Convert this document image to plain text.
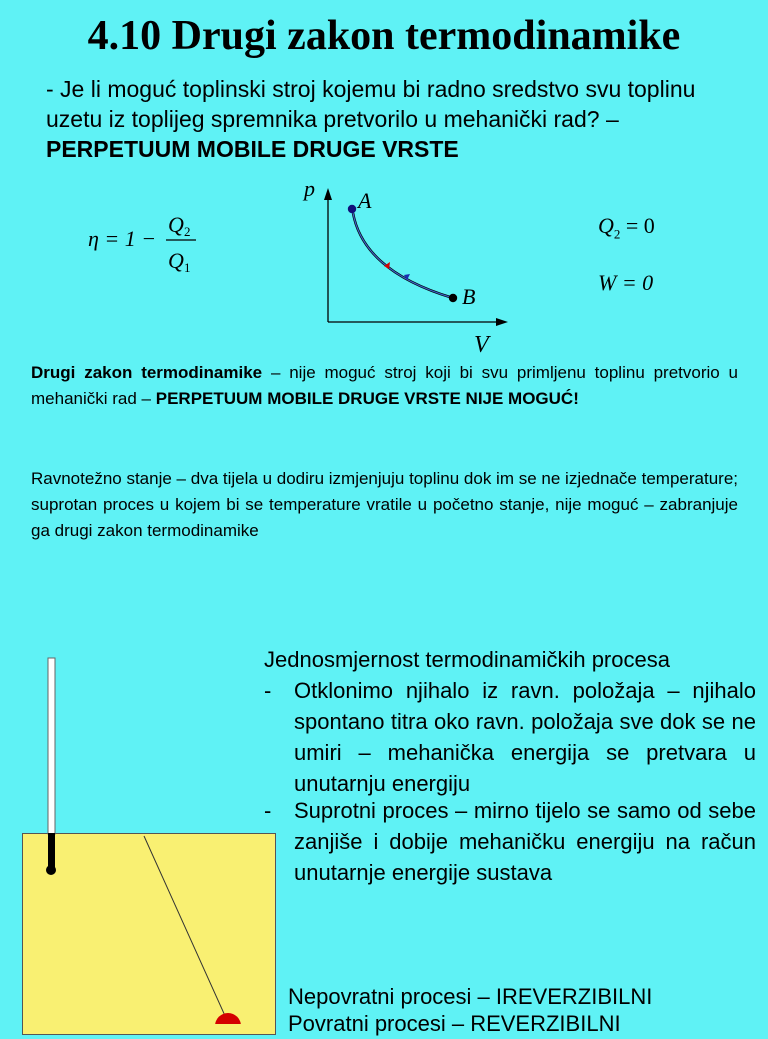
4.10 Drugi zakon termodinamike
- Je li moguć toplinski stroj kojemu bi radno sredstvo svu toplinu uzetu iz toplijeg spremnika pretvorilo u mehanički rad? – PERPETUUM MOBILE DRUGE VRSTE
η = 1 −
Q 2
Q 1
p
V
A
B
$Q_2 = 0$
W = 0
Drugi zakon termodinamike – nije moguć stroj koji bi svu primljenu toplinu pretvorio u mehanički rad – PERPETUUM MOBILE DRUGE VRSTE NIJE MOGUĆ!
Ravnotežno stanje – dva tijela u dodiru izmjenjuju toplinu dok im se ne izjednače temperature; suprotan proces u kojem bi se temperature vratile u početno stanje, nije moguć – zabranjuje ga drugi zakon termodinamike
Jednosmjernost termodinamičkih procesa
-	Otklonimo njihalo iz ravn. položaja – njihalo spontano titra oko ravn. položaja sve dok se ne umiri – mehanička energija se pretvara u unutarnju energiju
-	Suprotni proces – mirno tijelo se samo od sebe zanjiše i dobije mehaničku energiju na račun unutarnje energije sustava
Nepovratni procesi – IREVERZIBILNI
Povratni procesi – REVERZIBILNI
